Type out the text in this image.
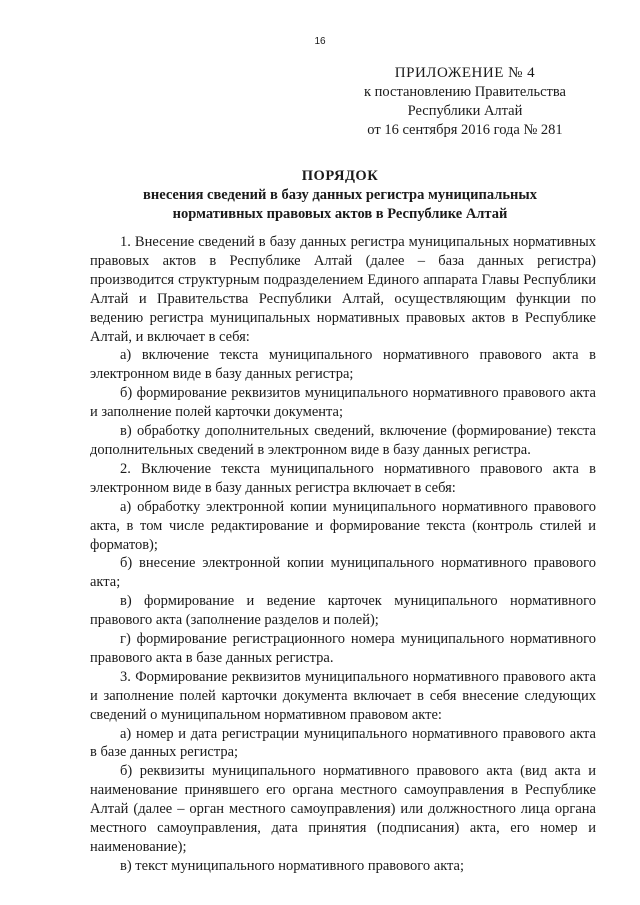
16
ПРИЛОЖЕНИЕ № 4
к постановлению Правительства
Республики Алтай
от 16 сентября 2016 года № 281
ПОРЯДОК
внесения сведений в базу данных регистра муниципальных
нормативных правовых актов в Республике Алтай

1. Внесение сведений в базу данных регистра муниципальных нормативных правовых актов в Республике Алтай (далее – база данных регистра) производится структурным подразделением Единого аппарата Главы Республики Алтай и Правительства Республики Алтай, осуществляющим функции по ведению регистра муниципальных нормативных правовых актов в Республике Алтай, и включает в себя:

а) включение текста муниципального нормативного правового акта в электронном виде в базу данных регистра;

б) формирование реквизитов муниципального нормативного правового акта и заполнение полей карточки документа;

в) обработку дополнительных сведений, включение (формирование) текста дополнительных сведений в электронном виде в базу данных регистра.

2. Включение текста муниципального нормативного правового акта в электронном виде в базу данных регистра включает в себя:

а) обработку электронной копии муниципального нормативного правового акта, в том числе редактирование и формирование текста (контроль стилей и форматов);

б) внесение электронной копии муниципального нормативного правового акта;

в) формирование и ведение карточек муниципального нормативного правового акта (заполнение разделов и полей);

г) формирование регистрационного номера муниципального нормативного правового акта в базе данных регистра.

3. Формирование реквизитов муниципального нормативного правового акта и заполнение полей карточки документа включает в себя внесение следующих сведений о муниципальном нормативном правовом акте:

а) номер и дата регистрации муниципального нормативного правового акта в базе данных регистра;

б) реквизиты муниципального нормативного правового акта (вид акта и наименование принявшего его органа местного самоуправления в Республике Алтай (далее – орган местного самоуправления) или должностного лица органа местного самоуправления, дата принятия (подписания) акта, его номер и наименование);

в) текст муниципального нормативного правового акта;
